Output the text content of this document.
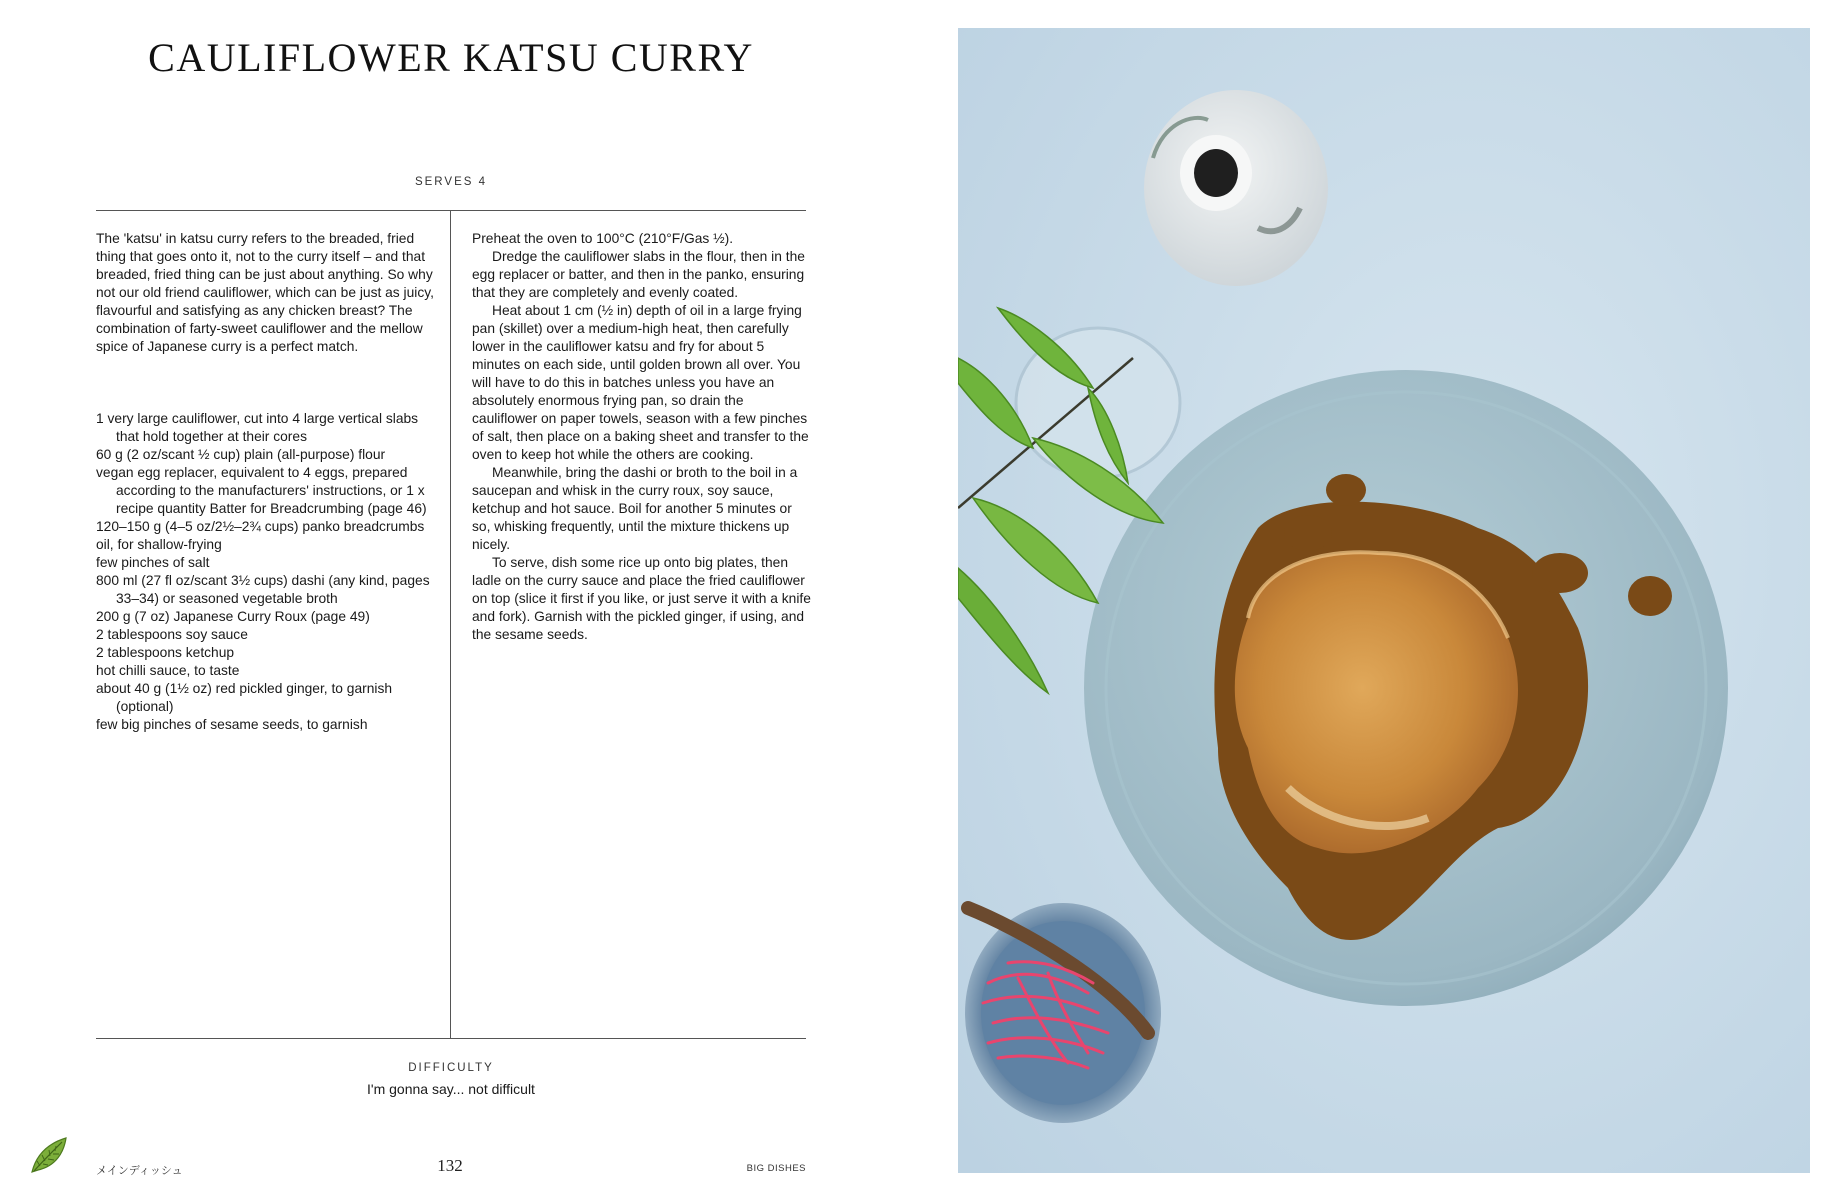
CAULIFLOWER KATSU CURRY
SERVES 4

The 'katsu' in katsu curry refers to the breaded, fried thing that goes onto it, not to the curry itself – and that breaded, fried thing can be just about anything. So why not our old friend cauliflower, which can be just as juicy, flavourful and satisfying as any chicken breast? The combination of farty-sweet cauliflower and the mellow spice of Japanese curry is a perfect match.

1 very large cauliflower, cut into 4 large vertical slabs that hold together at their cores
60 g (2 oz/scant ½ cup) plain (all-purpose) flour
vegan egg replacer, equivalent to 4 eggs, prepared according to the manufacturers' instructions, or 1 x recipe quantity Batter for Breadcrumbing (page 46)
120–150 g (4–5 oz/2½–2¾ cups) panko breadcrumbs
oil, for shallow-frying
few pinches of salt
800 ml (27 fl oz/scant 3½ cups) dashi (any kind, pages 33–34) or seasoned vegetable broth
200 g (7 oz) Japanese Curry Roux (page 49)
2 tablespoons soy sauce
2 tablespoons ketchup
hot chilli sauce, to taste
about 40 g (1½ oz) red pickled ginger, to garnish (optional)
few big pinches of sesame seeds, to garnish

Preheat the oven to 100°C (210°F/Gas ½).

Dredge the cauliflower slabs in the flour, then in the egg replacer or batter, and then in the panko, ensuring that they are completely and evenly coated.

Heat about 1 cm (½ in) depth of oil in a large frying pan (skillet) over a medium-high heat, then carefully lower in the cauliflower katsu and fry for about 5 minutes on each side, until golden brown all over. You will have to do this in batches unless you have an absolutely enormous frying pan, so drain the cauliflower on paper towels, season with a few pinches of salt, then place on a baking sheet and transfer to the oven to keep hot while the others are cooking.

Meanwhile, bring the dashi or broth to the boil in a saucepan and whisk in the curry roux, soy sauce, ketchup and hot sauce. Boil for another 5 minutes or so, whisking frequently, until the mixture thickens up nicely.

To serve, dish some rice up onto big plates, then ladle on the curry sauce and place the fried cauliflower on top (slice it first if you like, or just serve it with a knife and fork). Garnish with the pickled ginger, if using, and the sesame seeds.

DIFFICULTY
I'm gonna say... not difficult
メインディッシュ	132	BIG DISHES
